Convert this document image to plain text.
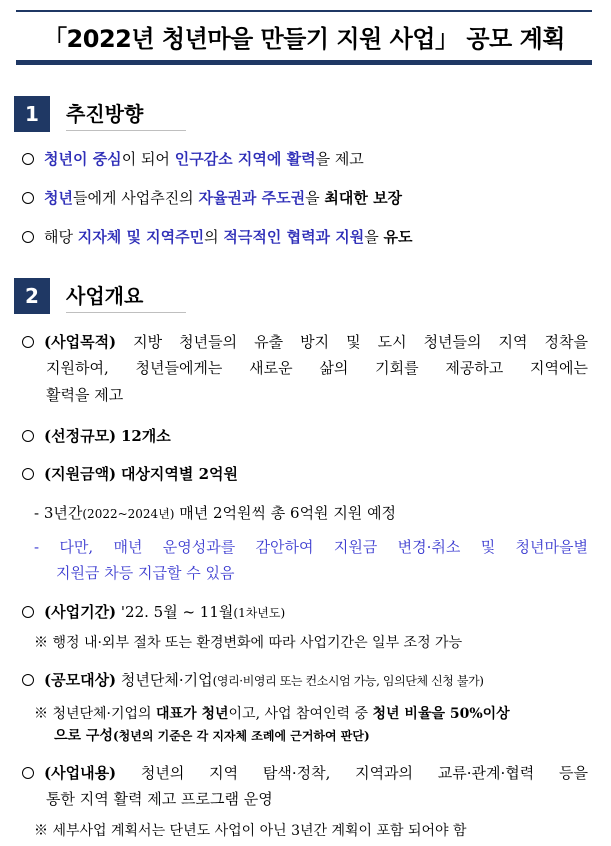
「2022년 청년마을 만들기 지원 사업」 공모 계획
1	추진방향
청년이 중심이 되어 인구감소 지역에 활력을 제고
청년들에게 사업추진의 자율권과 주도권을 최대한 보장
해당 지자체 및 지역주민의 적극적인 협력과 지원을 유도
2	사업개요
(사업목적) 지방 청년들의 유출 방지 및 도시 청년들의 지역 정착을
지원하여, 청년들에게는 새로운 삶의 기회를 제공하고 지역에는
활력을 제고
(선정규모) 12개소
(지원금액) 대상지역별 2억원
- 3년간(2022~2024년) 매년 2억원씩 총 6억원 지원 예정
- 다만, 매년 운영성과를 감안하여 지원금 변경·취소 및 청년마을별
지원금 차등 지급할 수 있음
(사업기간) '22. 5월 ~ 11월(1차년도)
※ 행정 내·외부 절차 또는 환경변화에 따라 사업기간은 일부 조정 가능
(공모대상) 청년단체·기업(영리·비영리 또는 컨소시엄 가능, 임의단체 신청 불가)
※ 청년단체·기업의 대표가 청년이고, 사업 참여인력 중 청년 비율을 50%이상
으로 구성(청년의 기준은 각 지자체 조례에 근거하여 판단)
(사업내용) 청년의 지역 탐색·정착, 지역과의 교류·관계·협력 등을
통한 지역 활력 제고 프로그램 운영
※ 세부사업 계획서는 단년도 사업이 아닌 3년간 계획이 포함 되어야 함
